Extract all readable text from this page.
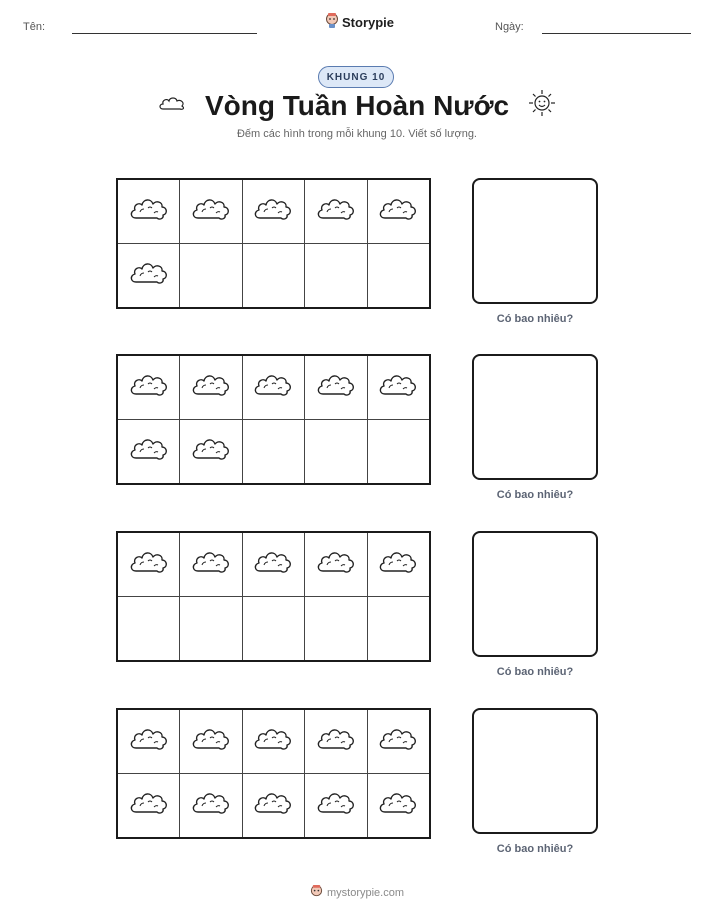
Tên:	Storypie	Ngày:
KHUNG 10
Vòng Tuần Hoàn Nước
Đếm các hình trong mỗi khung 10. Viết số lượng.

Có bao nhiêu?

Có bao nhiêu?

Có bao nhiêu?

Có bao nhiêu?
mystorypie.com
